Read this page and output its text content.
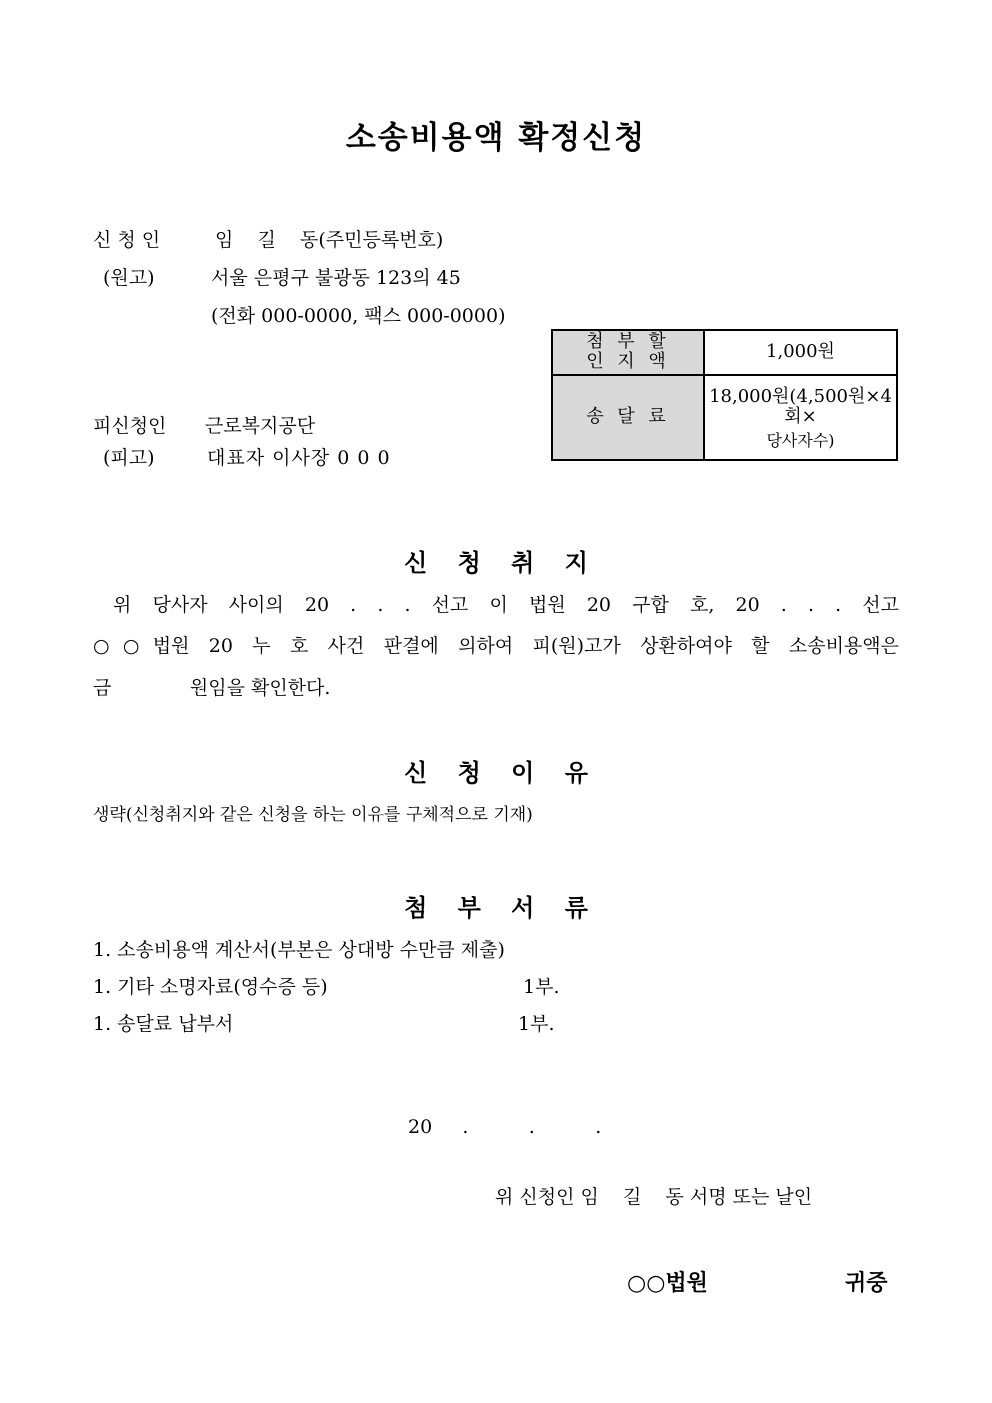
소송비용액 확정신청
신 청 인	임    길    동(주민등록번호)
(원고)	서울 은평구 불광동 123의 45
(전화 000-0000, 팩스 000-0000)
피신청인 근로복지공단
(피고)	대표자 이사장 0 0 0
첨 부 할
인 지 액	1,000원
송 달 료	18,000원(4,500원×4회×
당사자수)
신 청 취 지
위 당사자 사이의 20 . . . 선고 이 법원 20 구합 호, 20 . . . 선고
○○법원 20 누 호 사건 판결에 의하여 피(원)고가 상환하여야 할 소송비용액은
금             원임을 확인한다.
신 청 이 유
생략(신청취지와 같은 신청을 하는 이유를 구체적으로 기재)
첨 부 서 류
1. 소송비용액 계산서(부본은 상대방 수만큼 제출)
1. 기타 소명자료(영수증 등)	1부.
1. 송달료 납부서	1부.
20     .          .          .
위 신청인 임    길    동 서명 또는 날인
○○법원	귀중
